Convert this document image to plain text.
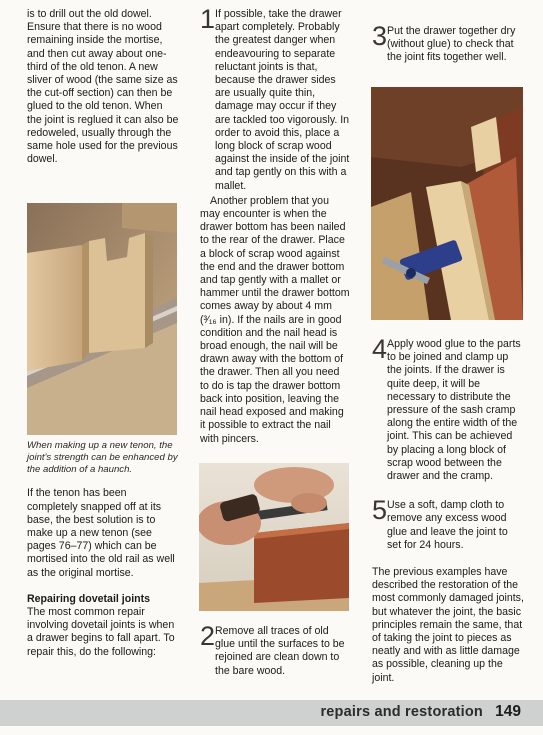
is to drill out the old dowel. Ensure that there is no wood remaining inside the mortise, and then cut away about one-third of the old tenon. A new sliver of wood (the same size as the cut-off section) can then be glued to the old tenon. When the joint is reglued it can also be redoweled, usually through the same hole used for the previous dowel.

When making up a new tenon, the joint's strength can be enhanced by the addition of a haunch.

If the tenon has been completely snapped off at its base, the best solution is to make up a new tenon (see pages 76–77) which can be mortised into the old rail as well as the original mortise.

Repairing dovetail joints

The most common repair involving dovetail joints is when a drawer begins to fall apart. To repair this, do the following:

1 If possible, take the drawer apart completely. Probably the greatest danger when endeavouring to separate reluctant joints is that, because the drawer sides are usually quite thin, damage may occur if they are tackled too vigorously. In order to avoid this, place a long block of scrap wood against the inside of the joint and tap gently on this with a mallet.

Another problem that you may encounter is when the drawer bottom has been nailed to the rear of the drawer. Place a block of scrap wood against the end and the drawer bottom and tap gently with a mallet or hammer until the drawer bottom comes away by about 4 mm (³⁄₁₆ in). If the nails are in good condition and the nail head is broad enough, the nail will be drawn away with the bottom of the drawer. Then all you need to do is tap the drawer bottom back into position, leaving the nail head exposed and making it possible to extract the nail with pincers.

2 Remove all traces of old glue until the surfaces to be rejoined are clean down to the bare wood.

3 Put the drawer together dry (without glue) to check that the joint fits together well.

4 Apply wood glue to the parts to be joined and clamp up the joints. If the drawer is quite deep, it will be necessary to distribute the pressure of the sash cramp along the entire width of the joint. This can be achieved by placing a long block of scrap wood between the drawer and the cramp.

5 Use a soft, damp cloth to remove any excess wood glue and leave the joint to set for 24 hours.

The previous examples have described the restoration of the most commonly damaged joints, but whatever the joint, the basic principles remain the same, that of taking the joint to pieces as neatly and with as little damage as possible, cleaning up the joint.

repairs and restoration 149
